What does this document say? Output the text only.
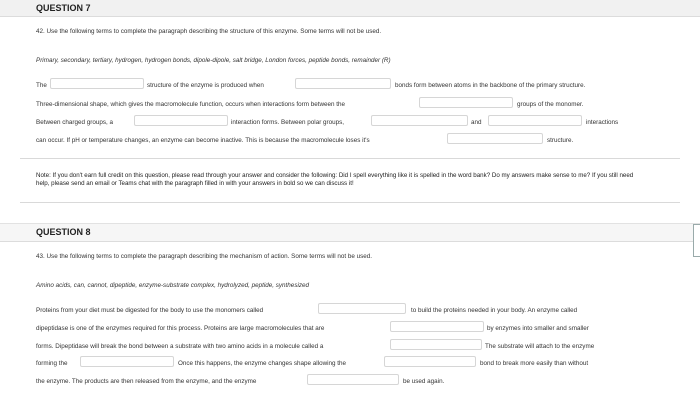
QUESTION 7
42. Use the following terms to complete the paragraph describing the structure of this enzyme. Some terms will not be used.
Primary, secondary, tertiary, hydrogen, hydrogen bonds, dipole-dipole, salt bridge, London forces, peptide bonds, remainder (R)
The	structure of the enzyme is produced when	bonds form between atoms in the backbone of the primary structure.
Three-dimensional shape, which gives the macromolecule function, occurs when interactions form between the	groups of the monomer.
Between charged groups, a	interaction forms. Between polar groups,	and	interactions
can occur. If pH or temperature changes, an enzyme can become inactive. This is because the macromolecule loses it's	structure.
Note: If you don't earn full credit on this question, please read through your answer and consider the following: Did I spell everything like it is spelled in the word bank? Do my answers make sense to me? If you still need help, please send an email or Teams chat with the paragraph filled in with your answers in bold so we can discuss it!
QUESTION 8
43. Use the following terms to complete the paragraph describing the mechanism of action. Some terms will not be used.
Amino acids, can, cannot, dipeptide, enzyme-substrate complex, hydrolyzed, peptide, synthesized
Proteins from your diet must be digested for the body to use the monomers called	to build the proteins needed in your body. An enzyme called
dipeptidase is one of the enzymes required for this process. Proteins are large macromolecules that are	by enzymes into smaller and smaller
forms. Dipeptidase will break the bond between a substrate with two amino acids in a molecule called a	The substrate will attach to the enzyme
forming the	Once this happens, the enzyme changes shape allowing the	bond to break more easily than without
the enzyme. The products are then released from the enzyme, and the enzyme	be used again.
